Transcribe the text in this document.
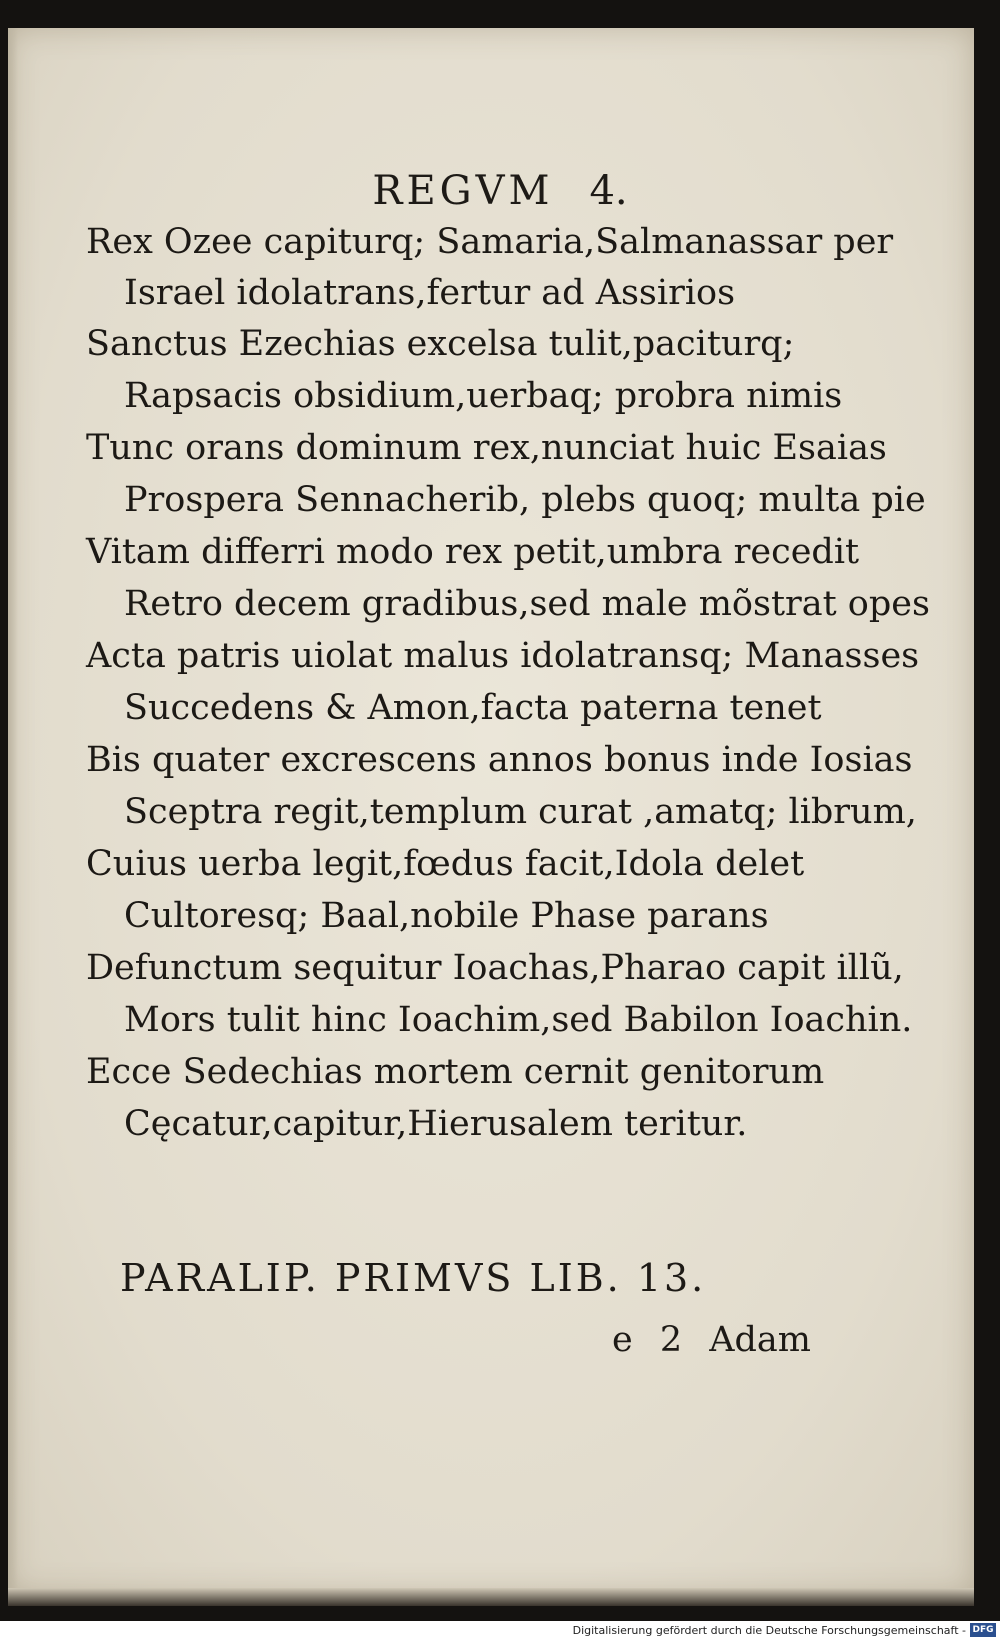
REGVM 4.
Rex Ozee capiturq; Samaria,Salmanassar per
Israel idolatrans,fertur ad Assirios
Sanctus Ezechias excelsa tulit,paciturq;
Rapsacis obsidium,uerbaq; probra nimis
Tunc orans dominum rex,nunciat huic Esaias
Prospera Sennacherib, plebs quoq; multa pie
Vitam differri modo rex petit,umbra recedit
Retro decem gradibus,sed male mõstrat opes
Acta patris uiolat malus idolatransq; Manasses
Succedens & Amon,facta paterna tenet
Bis quater excrescens annos bonus inde Iosias
Sceptra regit,templum curat ,amatq; librum,
Cuius uerba legit,fœdus facit,Idola delet
Cultoresq; Baal,nobile Phase parans
Defunctum sequitur Ioachas,Pharao capit illũ,
Mors tulit hinc Ioachim,sed Babilon Ioachin.
Ecce Sedechias mortem cernit genitorum
Cęcatur,capitur,Hierusalem teritur.
PARALIP. PRIMVS LIB. 13.
e 2 Adam
Digitalisierung gefördert durch die Deutsche Forschungsgemeinschaft - DFG
